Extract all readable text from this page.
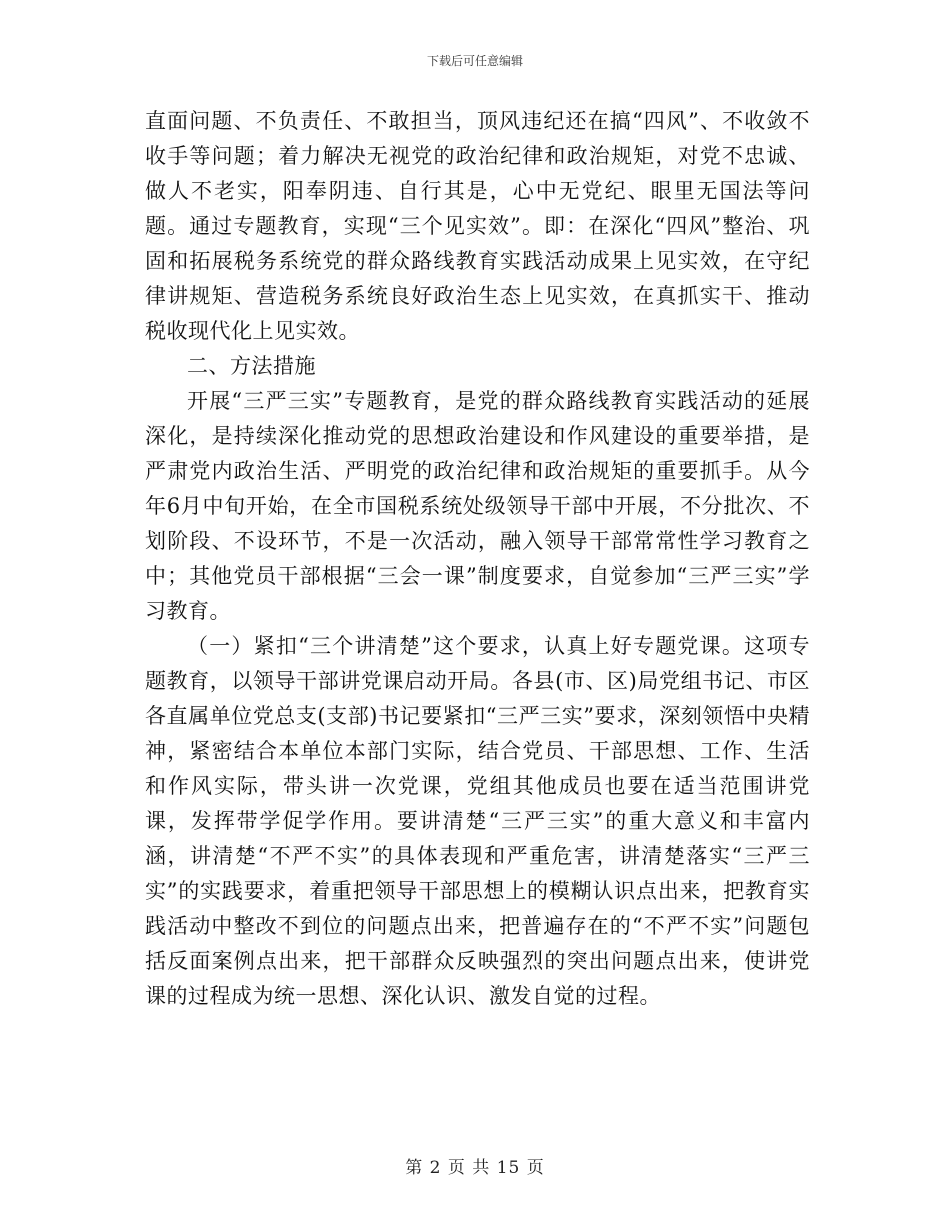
下载后可任意编辑

直面问题、不负责任、不敢担当，顶风违纪还在搞“四风”、不收敛不收手等问题；着力解决无视党的政治纪律和政治规矩，对党不忠诚、做人不老实，阳奉阴违、自行其是，心中无党纪、眼里无国法等问题。通过专题教育，实现“三个见实效”。即：在深化“四风”整治、巩固和拓展税务系统党的群众路线教育实践活动成果上见实效，在守纪律讲规矩、营造税务系统良好政治生态上见实效，在真抓实干、推动税收现代化上见实效。

二、方法措施

开展“三严三实”专题教育，是党的群众路线教育实践活动的延展深化，是持续深化推动党的思想政治建设和作风建设的重要举措，是严肃党内政治生活、严明党的政治纪律和政治规矩的重要抓手。从今年6月中旬开始，在全市国税系统处级领导干部中开展，不分批次、不划阶段、不设环节，不是一次活动，融入领导干部常常性学习教育之中；其他党员干部根据“三会一课”制度要求，自觉参加“三严三实”学习教育。

（一）紧扣“三个讲清楚”这个要求，认真上好专题党课。这项专题教育，以领导干部讲党课启动开局。各县(市、区)局党组书记、市区各直属单位党总支(支部)书记要紧扣“三严三实”要求，深刻领悟中央精神，紧密结合本单位本部门实际，结合党员、干部思想、工作、生活和作风实际，带头讲一次党课，党组其他成员也要在适当范围讲党课，发挥带学促学作用。要讲清楚“三严三实”的重大意义和丰富内涵，讲清楚“不严不实”的具体表现和严重危害，讲清楚落实“三严三实”的实践要求，着重把领导干部思想上的模糊认识点出来，把教育实践活动中整改不到位的问题点出来，把普遍存在的“不严不实”问题包括反面案例点出来，把干部群众反映强烈的突出问题点出来，使讲党课的过程成为统一思想、深化认识、激发自觉的过程。

第 2 页 共 15 页
